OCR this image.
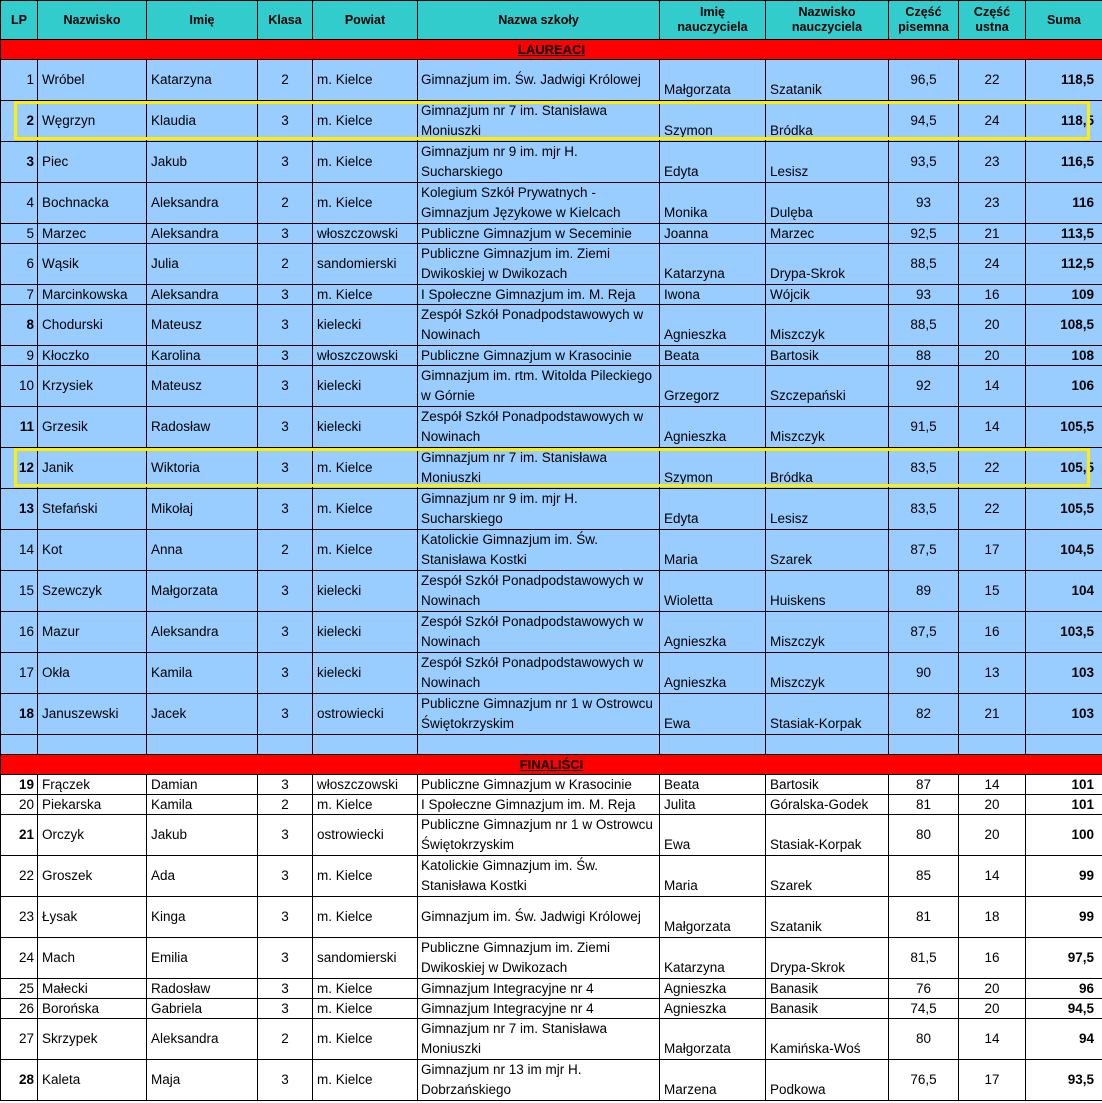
LP	Nazwisko	Imię	Klasa	Powiat	Nazwa szkoły	Imię nauczyciela	Nazwisko nauczyciela	Część pisemna	Część ustna	Suma
LAUREACI										
1	Wróbel	Katarzyna	2	m. Kielce	Gimnazjum im. Św. Jadwigi Królowej	Małgorzata	Szatanik	96,5	22	118,5
2	Węgrzyn	Klaudia	3	m. Kielce	Gimnazjum nr 7 im. Stanisława Moniuszki	Szymon	Bródka	94,5	24	118,5
3	Piec	Jakub	3	m. Kielce	Gimnazjum nr 9 im. mjr H. Sucharskiego	Edyta	Lesisz	93,5	23	116,5
4	Bochnacka	Aleksandra	2	m. Kielce	Kolegium Szkół Prywatnych - Gimnazjum Językowe w Kielcach	Monika	Dulęba	93	23	116
5	Marzec	Aleksandra	3	włoszczowski	Publiczne Gimnazjum w Seceminie	Joanna	Marzec	92,5	21	113,5
6	Wąsik	Julia	2	sandomierski	Publiczne Gimnazjum im. Ziemi Dwikoskiej w Dwikozach	Katarzyna	Drypa-Skrok	88,5	24	112,5
7	Marcinkowska	Aleksandra	3	m. Kielce	I Społeczne Gimnazjum im. M. Reja	Iwona	Wójcik	93	16	109
8	Chodurski	Mateusz	3	kielecki	Zespół Szkół Ponadpodstawowych w Nowinach	Agnieszka	Miszczyk	88,5	20	108,5
9	Kłoczko	Karolina	3	włoszczowski	Publiczne Gimnazjum w Krasocinie	Beata	Bartosik	88	20	108
10	Krzysiek	Mateusz	3	kielecki	Gimnazjum im. rtm. Witolda Pileckiego w Górnie	Grzegorz	Szczepański	92	14	106
11	Grzesik	Radosław	3	kielecki	Zespół Szkół Ponadpodstawowych w Nowinach	Agnieszka	Miszczyk	91,5	14	105,5
12	Janik	Wiktoria	3	m. Kielce	Gimnazjum nr 7 im. Stanisława Moniuszki	Szymon	Bródka	83,5	22	105,5
13	Stefański	Mikołaj	3	m. Kielce	Gimnazjum nr 9 im. mjr H. Sucharskiego	Edyta	Lesisz	83,5	22	105,5
14	Kot	Anna	2	m. Kielce	Katolickie Gimnazjum im. Św. Stanisława Kostki	Maria	Szarek	87,5	17	104,5
15	Szewczyk	Małgorzata	3	kielecki	Zespół Szkół Ponadpodstawowych w Nowinach	Wioletta	Huiskens	89	15	104
16	Mazur	Aleksandra	3	kielecki	Zespół Szkół Ponadpodstawowych w Nowinach	Agnieszka	Miszczyk	87,5	16	103,5
17	Okła	Kamila	3	kielecki	Zespół Szkół Ponadpodstawowych w Nowinach	Agnieszka	Miszczyk	90	13	103
18	Januszewski	Jacek	3	ostrowiecki	Publiczne Gimnazjum nr 1 w Ostrowcu Świętokrzyskim	Ewa	Stasiak-Korpak	82	21	103

FINALIŚCI										
19	Frączek	Damian	3	włoszczowski	Publiczne Gimnazjum w Krasocinie	Beata	Bartosik	87	14	101
20	Piekarska	Kamila	2	m. Kielce	I Społeczne Gimnazjum im. M. Reja	Julita	Góralska-Godek	81	20	101
21	Orczyk	Jakub	3	ostrowiecki	Publiczne Gimnazjum nr 1 w Ostrowcu Świętokrzyskim	Ewa	Stasiak-Korpak	80	20	100
22	Groszek	Ada	3	m. Kielce	Katolickie Gimnazjum im. Św. Stanisława Kostki	Maria	Szarek	85	14	99
23	Łysak	Kinga	3	m. Kielce	Gimnazjum im. Św. Jadwigi Królowej	Małgorzata	Szatanik	81	18	99
24	Mach	Emilia	3	sandomierski	Publiczne Gimnazjum im. Ziemi Dwikoskiej w Dwikozach	Katarzyna	Drypa-Skrok	81,5	16	97,5
25	Małecki	Radosław	3	m. Kielce	Gimnazjum Integracyjne nr 4	Agnieszka	Banasik	76	20	96
26	Borońska	Gabriela	3	m. Kielce	Gimnazjum Integracyjne nr 4	Agnieszka	Banasik	74,5	20	94,5
27	Skrzypek	Aleksandra	2	m. Kielce	Gimnazjum nr 7 im. Stanisława Moniuszki	Małgorzata	Kamińska-Woś	80	14	94
28	Kaleta	Maja	3	m. Kielce	Gimnazjum nr 13 im mjr H. Dobrzańskiego	Marzena	Podkowa	76,5	17	93,5
